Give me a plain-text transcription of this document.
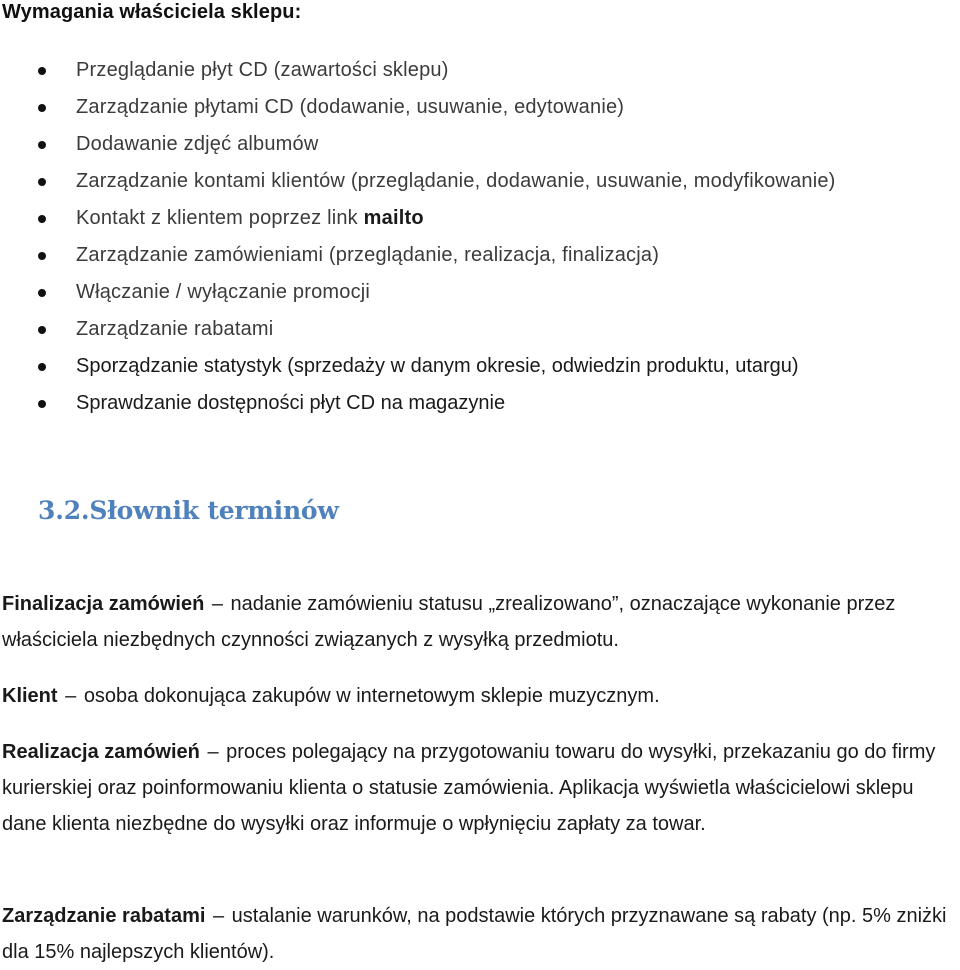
Wymagania właściciela sklepu:
Przeglądanie płyt CD (zawartości sklepu)
Zarządzanie płytami CD (dodawanie, usuwanie, edytowanie)
Dodawanie zdjęć albumów
Zarządzanie kontami klientów (przeglądanie, dodawanie, usuwanie, modyfikowanie)
Kontakt z klientem poprzez link mailto
Zarządzanie zamówieniami (przeglądanie, realizacja, finalizacja)
Włączanie / wyłączanie promocji
Zarządzanie rabatami
Sporządzanie statystyk (sprzedaży w danym okresie, odwiedzin produktu, utargu)
Sprawdzanie dostępności płyt CD na magazynie
3.2.Słownik terminów

Finalizacja zamówień – nadanie zamówieniu statusu „zrealizowano”, oznaczające wykonanie przez właściciela niezbędnych czynności związanych z wysyłką przedmiotu.

Klient – osoba dokonująca zakupów w internetowym sklepie muzycznym.

Realizacja zamówień – proces polegający na przygotowaniu towaru do wysyłki, przekazaniu go do firmy kurierskiej oraz poinformowaniu klienta o statusie zamówienia. Aplikacja wyświetla właścicielowi sklepu dane klienta niezbędne do wysyłki oraz informuje o wpłynięciu zapłaty za towar.

Zarządzanie rabatami – ustalanie warunków, na podstawie których przyznawane są rabaty (np. 5% zniżki dla 15% najlepszych klientów).
